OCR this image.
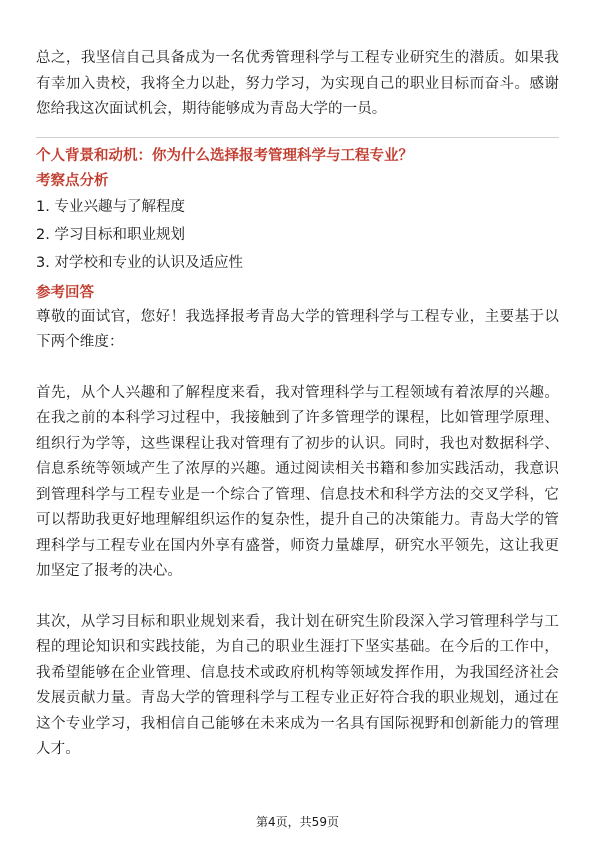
总之，我坚信自己具备成为一名优秀管理科学与工程专业研究生的潜质。如果我有幸加入贵校，我将全力以赴，努力学习，为实现自己的职业目标而奋斗。感谢您给我这次面试机会，期待能够成为青岛大学的一员。

个人背景和动机：你为什么选择报考管理科学与工程专业？

考察点分析

1. 专业兴趣与了解程度
2. 学习目标和职业规划
3. 对学校和专业的认识及适应性

参考回答

尊敬的面试官，您好！我选择报考青岛大学的管理科学与工程专业，主要基于以下两个维度：

首先，从个人兴趣和了解程度来看，我对管理科学与工程领域有着浓厚的兴趣。在我之前的本科学习过程中，我接触到了许多管理学的课程，比如管理学原理、组织行为学等，这些课程让我对管理有了初步的认识。同时，我也对数据科学、信息系统等领域产生了浓厚的兴趣。通过阅读相关书籍和参加实践活动，我意识到管理科学与工程专业是一个综合了管理、信息技术和科学方法的交叉学科，它可以帮助我更好地理解组织运作的复杂性，提升自己的决策能力。青岛大学的管理科学与工程专业在国内外享有盛誉，师资力量雄厚，研究水平领先，这让我更加坚定了报考的决心。

其次，从学习目标和职业规划来看，我计划在研究生阶段深入学习管理科学与工程的理论知识和实践技能，为自己的职业生涯打下坚实基础。在今后的工作中，我希望能够在企业管理、信息技术或政府机构等领域发挥作用，为我国经济社会发展贡献力量。青岛大学的管理科学与工程专业正好符合我的职业规划，通过在这个专业学习，我相信自己能够在未来成为一名具有国际视野和创新能力的管理人才。

第4页，共59页
